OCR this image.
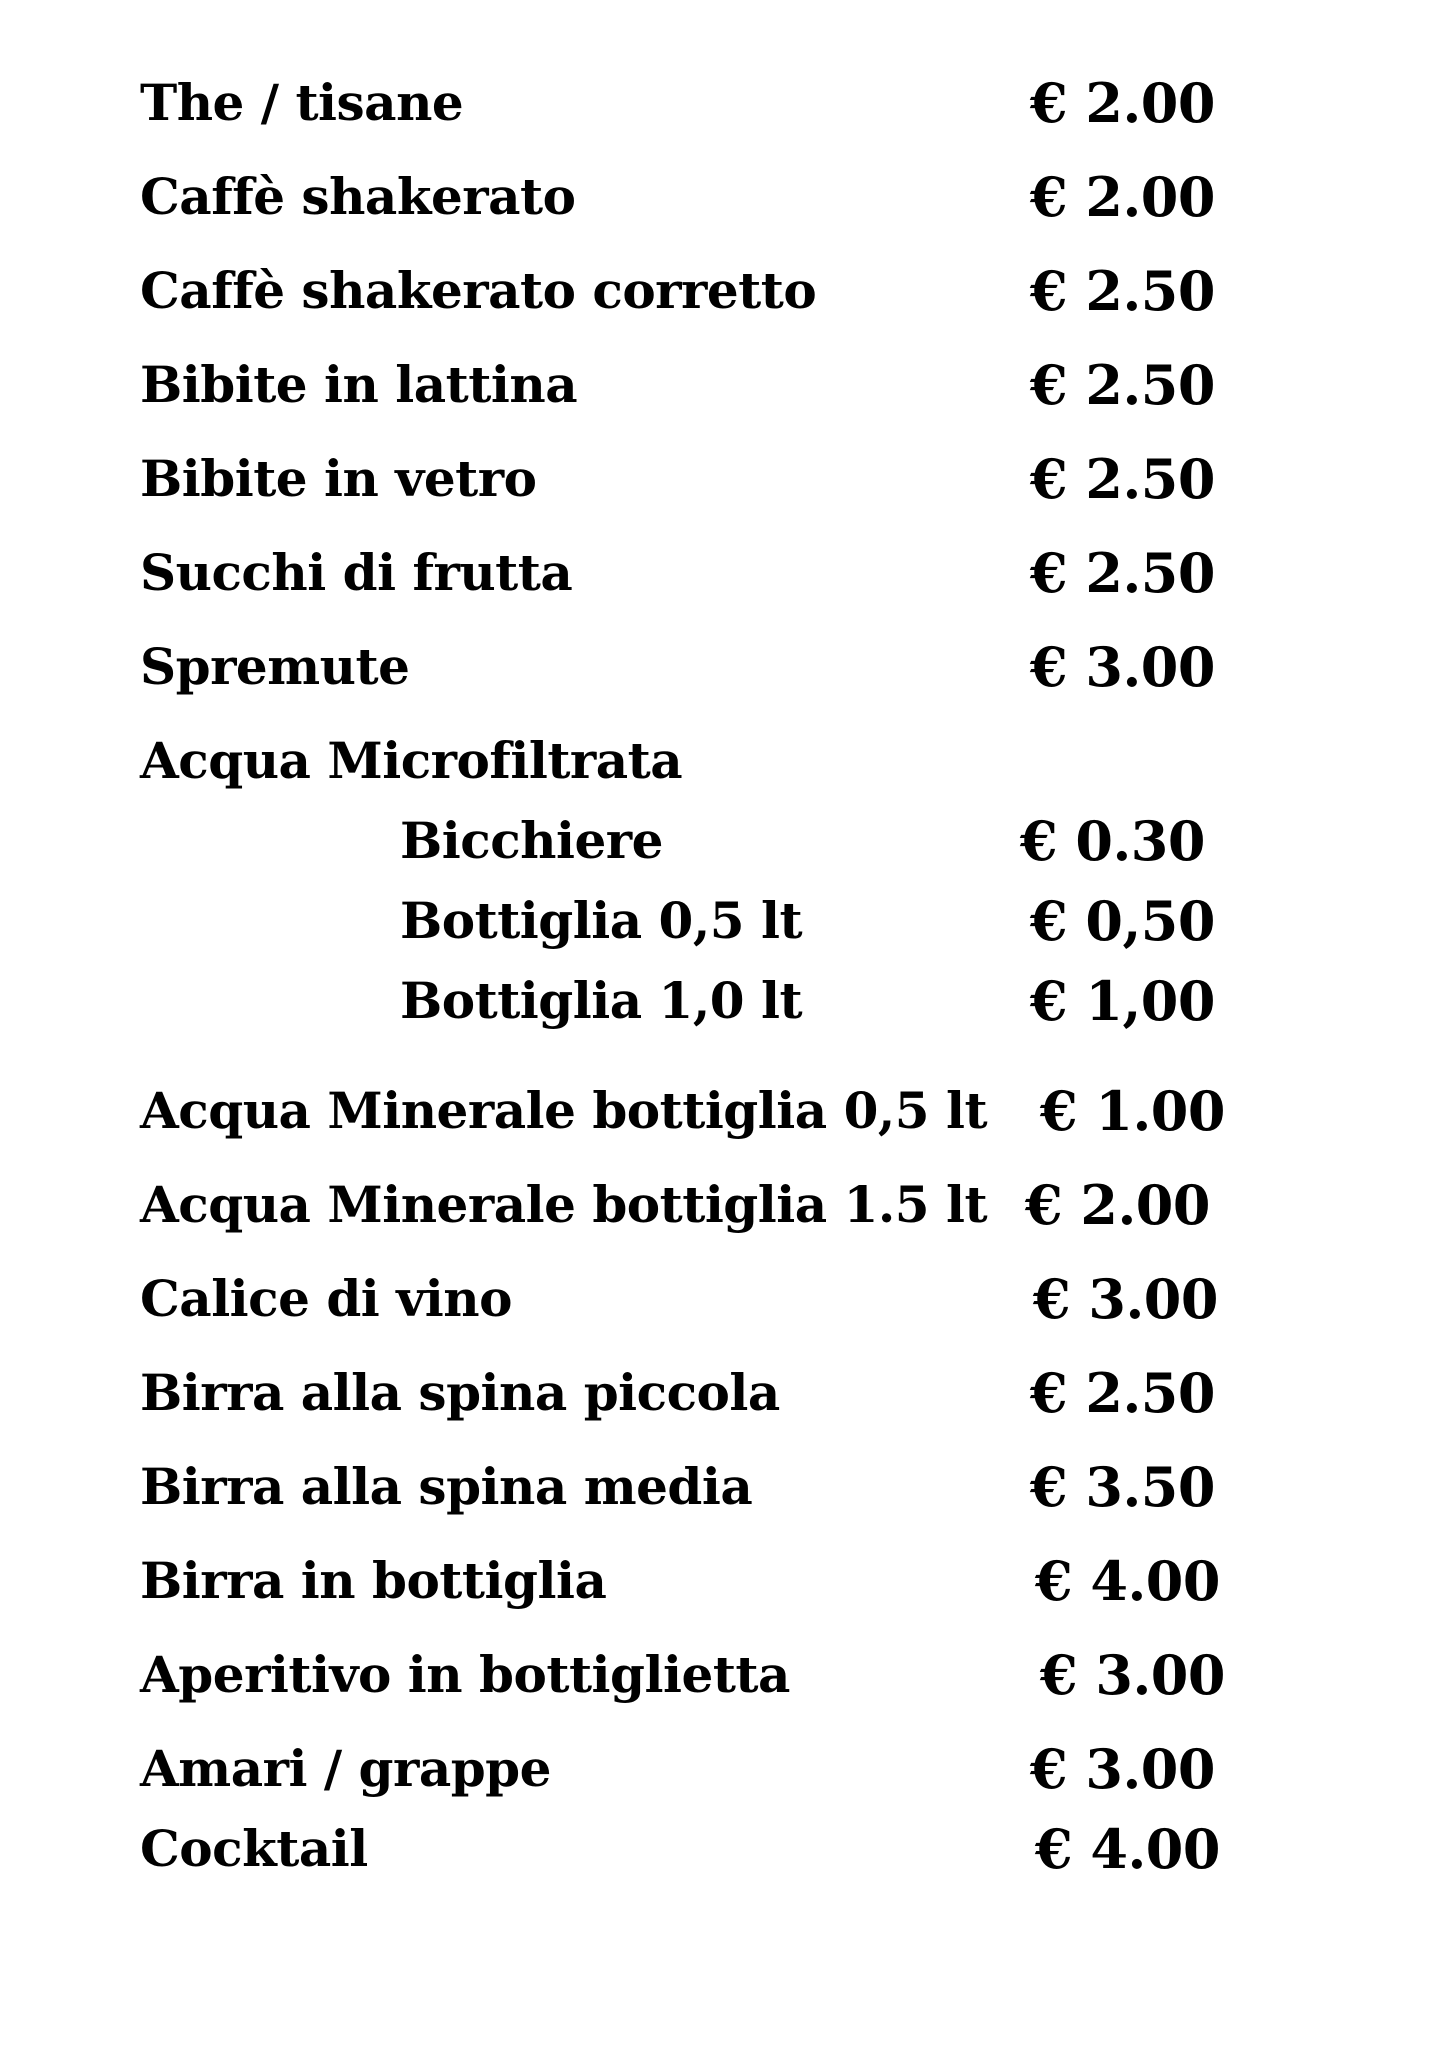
The / tisane	€ 2.00
Caffè shakerato	€ 2.00
Caffè shakerato corretto	€ 2.50
Bibite in lattina	€ 2.50
Bibite in vetro	€ 2.50
Succhi di frutta	€ 2.50
Spremute	€ 3.00
Acqua Microfiltrata
Bicchiere	€ 0.30
Bottiglia 0,5 lt	€ 0,50
Bottiglia 1,0 lt	€ 1,00
Acqua Minerale bottiglia 0,5 lt € 1.00
Acqua Minerale bottiglia 1.5 lt € 2.00
Calice di vino	€ 3.00
Birra alla spina piccola	€ 2.50
Birra alla spina media	€ 3.50
Birra in bottiglia	€ 4.00
Aperitivo in bottiglietta	€ 3.00
Amari / grappe	€ 3.00
Cocktail	€ 4.00
